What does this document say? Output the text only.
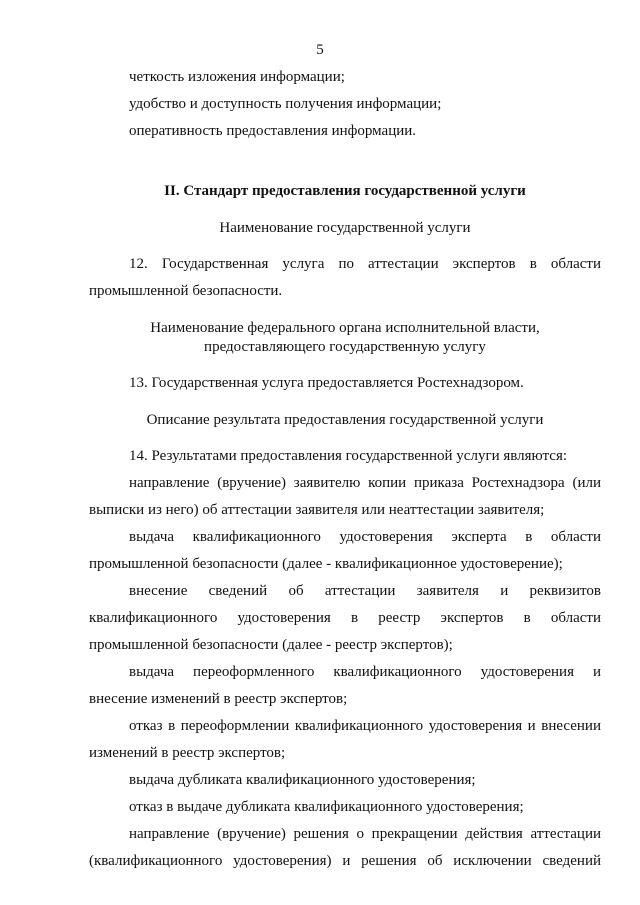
5

четкость изложения информации;

удобство и доступность получения информации;

оперативность предоставления информации.

II. Стандарт предоставления государственной услуги

Наименование государственной услуги

12. Государственная услуга по аттестации экспертов в области промышленной безопасности.

Наименование федерального органа исполнительной власти,
предоставляющего государственную услугу

13. Государственная услуга предоставляется Ростехнадзором.

Описание результата предоставления государственной услуги

14. Результатами предоставления государственной услуги являются:

направление (вручение) заявителю копии приказа Ростехнадзора (или выписки из него) об аттестации заявителя или неаттестации заявителя;

выдача квалификационного удостоверения эксперта в области промышленной безопасности (далее - квалификационное удостоверение);

внесение сведений об аттестации заявителя и реквизитов квалификационного удостоверения в реестр экспертов в области промышленной безопасности (далее - реестр экспертов);

выдача переоформленного квалификационного удостоверения и внесение изменений в реестр экспертов;

отказ в переоформлении квалификационного удостоверения и внесении изменений в реестр экспертов;

выдача дубликата квалификационного удостоверения;

отказ в выдаче дубликата квалификационного удостоверения;

направление (вручение) решения о прекращении действия аттестации (квалификационного удостоверения) и решения об исключении сведений
